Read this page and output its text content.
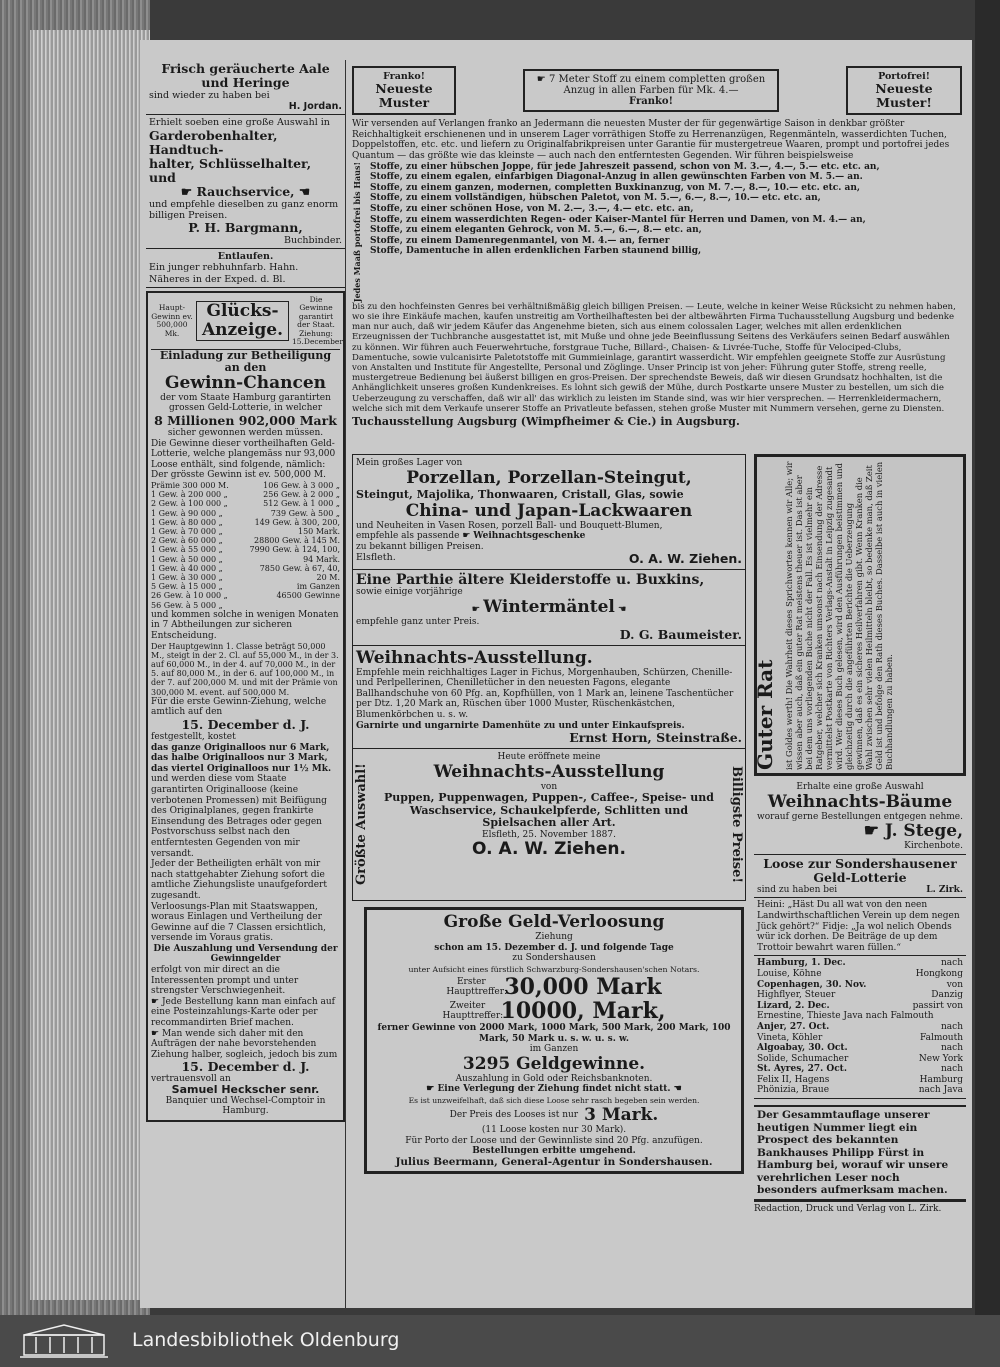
Frisch geräucherte Aale
und Heringe
sind wieder zu haben bei
H. Jordan.
Erhielt soeben eine große Auswahl in
Garderobenhalter, Handtuch-
halter, Schlüsselhalter, und
☛ Rauchservice, ☚
und empfehle dieselben zu ganz enorm
billigen Preisen.
P. H. Bargmann,
Buchbinder.
Entlaufen.
Ein junger rebhuhnfarb. Hahn. Näheres in der Exped. d. Bl.
Haupt-Gewinn ev. 500,000 Mk.
Glücks-
Anzeige.
Die Gewinne garantirt der Staat. Ziehung: 15.December
Einladung zur Betheiligung an den
Gewinn-Chancen
der vom Staate Hamburg garantirten grossen Geld-Lotterie, in welcher
8 Millionen 902,000 Mark
sicher gewonnen werden müssen.
Die Gewinne dieser vortheilhaften Geld-Lotterie, welche plangemäss nur 93,000 Loose enthält, sind folgende, nämlich:
Der grösste Gewinn ist ev. 500,000 M.
Prämie 300 000 M.	106 Gew. à 3 000 „
1 Gew. à 200 000 „	256 Gew. à 2 000 „
2 Gew. à 100 000 „	512 Gew. à 1 000 „
1 Gew. à 90 000 „	739 Gew. à 500 „
1 Gew. à 80 000 „	149 Gew. à 300, 200,
1 Gew. à 70 000 „	150 Mark.
2 Gew. à 60 000 „	28800 Gew. à 145 M.
1 Gew. à 55 000 „	7990 Gew. à 124, 100,
1 Gew. à 50 000 „	94 Mark.
1 Gew. à 40 000 „	7850 Gew. à 67, 40,
1 Gew. à 30 000 „	20 M.
5 Gew. à 15 000 „	im Ganzen
26 Gew. à 10 000 „	46500 Gewinne
56 Gew. à 5 000 „
und kommen solche in wenigen Monaten in 7 Abtheilungen zur sicheren Entscheidung.
Der Hauptgewinn 1. Classe beträgt 50,000 M., steigt in der 2. Cl. auf 55,000 M., in der 3. auf 60,000 M., in der 4. auf 70,000 M., in der 5. auf 80,000 M., in der 6. auf 100,000 M., in der 7. auf 200,000 M. und mit der Prämie von 300,000 M. event. auf 500,000 M.
Für die erste Gewinn-Ziehung, welche amtlich auf den
15. December d. J.
festgestellt, kostet
das ganze Originalloos nur 6 Mark, das halbe Originalloos nur 3 Mark, das viertel Originalloos nur 1½ Mk.
und werden diese vom Staate garantirten Originalloose (keine verbotenen Promessen) mit Beifügung des Originalplanes, gegen frankirte Einsendung des Betrages oder gegen Postvorschuss selbst nach den entferntesten Gegenden von mir versandt.
Jeder der Betheiligten erhält von mir nach stattgehabter Ziehung sofort die amtliche Ziehungsliste unaufgefordert zugesandt.
Verloosungs-Plan mit Staatswappen, woraus Einlagen und Vertheilung der Gewinne auf die 7 Classen ersichtlich, versende im Voraus gratis.
Die Auszahlung und Versendung der Gewinngelder
erfolgt von mir direct an die Interessenten prompt und unter strengster Verschwiegenheit.
☛ Jede Bestellung kann man einfach auf eine Posteinzahlungs-Karte oder per recommandirten Brief machen.
☛ Man wende sich daher mit den Aufträgen der nahe bevorstehenden Ziehung halber, sogleich, jedoch bis zum
15. December d. J.
vertrauensvoll an
Samuel Heckscher senr.
Banquier und Wechsel-Comptoir in Hamburg.
Franko!
Neueste Muster
☛ 7 Meter Stoff zu einem completten großen Anzug in allen Farben für Mk. 4.—
Franko!
Portofrei!
Neueste Muster!
Wir versenden auf Verlangen franko an Jedermann die neuesten Muster der für gegenwärtige Saison in denkbar größter Reichhaltigkeit erschienenen und in unserem Lager vorräthigen Stoffe zu Herrenanzügen, Regenmänteln, wasserdichten Tuchen, Doppelstoffen, etc. etc. und liefern zu Originalfabrikpreisen unter Garantie für mustergetreue Waaren, prompt und portofrei jedes Quantum — das größte wie das kleinste — auch nach den entferntesten Gegenden. Wir führen beispielsweise
Jedes Maaß portofrei bis Haus! Stoffe, zu einer hübschen Joppe, für jede Jahreszeit passend, schon von M. 3.—, 4.—, 5.— etc. etc. an,
Stoffe, zu einem egalen, einfarbigen Diagonal-Anzug in allen gewünschten Farben von M. 5.— an.
Stoffe, zu einem ganzen, modernen, completten Buxkinanzug, von M. 7.—, 8.—, 10.— etc. etc. an,
Stoffe, zu einem vollständigen, hübschen Paletot, von M. 5.—, 6.—, 8.—, 10.— etc. etc. an,
Stoffe, zu einer schönen Hose, von M. 2.—, 3.—, 4.— etc. etc. an,
Stoffe, zu einem wasserdichten Regen- oder Kaiser-Mantel für Herren und Damen, von M. 4.— an,
Stoffe, zu einem eleganten Gehrock, von M. 5.—, 6.—, 8.— etc. an,
Stoffe, zu einem Damenregenmantel, von M. 4.— an, ferner
Stoffe, Damentuche in allen erdenklichen Farben staunend billig,
bis zu den hochfeinsten Genres bei verhältnißmäßig gleich billigen Preisen. — Leute, welche in keiner Weise Rücksicht zu nehmen haben, wo sie ihre Einkäufe machen, kaufen unstreitig am Vortheilhaftesten bei der altbewährten Firma Tuchausstellung Augsburg und bedenke man nur auch, daß wir jedem Käufer das Angenehme bieten, sich aus einem colossalen Lager, welches mit allen erdenklichen Erzeugnissen der Tuchbranche ausgestattet ist, mit Muße und ohne jede Beeinflussung Seitens des Verkäufers seinen Bedarf auswählen zu können. Wir führen auch Feuerwehrtuche, forstgraue Tuche, Billard-, Chaisen- & Livrée-Tuche, Stoffe für Velociped-Clubs, Damentuche, sowie vulcanisirte Paletotstoffe mit Gummieinlage, garantirt wasserdicht. Wir empfehlen geeignete Stoffe zur Ausrüstung von Anstalten und Institute für Angestellte, Personal und Zöglinge. Unser Princip ist von jeher: Führung guter Stoffe, streng reelle, mustergetreue Bedienung bei äußerst billigen en gros-Preisen. Der sprechendste Beweis, daß wir diesen Grundsatz hochhalten, ist die Anhänglichkeit unseres großen Kundenkreises. Es lohnt sich gewiß der Mühe, durch Postkarte unsere Muster zu bestellen, um sich die Ueberzeugung zu verschaffen, daß wir all' das wirklich zu leisten im Stande sind, was wir hier versprechen. — Herrenkleidermachern, welche sich mit dem Verkaufe unserer Stoffe an Privatleute befassen, stehen große Muster mit Nummern versehen, gerne zu Diensten.
Tuchausstellung Augsburg (Wimpfheimer & Cie.) in Augsburg.
Mein großes Lager von
Porzellan, Porzellan-Steingut,
Steingut, Majolika, Thonwaaren, Cristall, Glas, sowie
China- und Japan-Lackwaaren
und Neuheiten in Vasen Rosen, porzell Ball- und Bouquett-Blumen,
empfehle als passende ☛ Weihnachtsgeschenke
zu bekannt billigen Preisen.
Elsfleth.	O. A. W. Ziehen.
Eine Parthie ältere Kleiderstoffe u. Buxkins,
sowie einige vorjährige
☛ Wintermäntel ☚
empfehle ganz unter Preis.
D. G. Baumeister.
Weihnachts-Ausstellung.
Empfehle mein reichhaltiges Lager in Fichus, Morgenhauben, Schürzen, Chenille- und Perlpellerinen, Chenilletücher in den neuesten Fagons, elegante Ballhandschuhe von 60 Pfg. an, Kopfhüllen, von 1 Mark an, leinene Taschentücher per Dtz. 1,20 Mark an, Rüschen über 1000 Muster, Rüschenkästchen, Blumenkörbchen u. s. w.
Garnirte und ungarnirte Damenhüte zu und unter Einkaufspreis.
Ernst Horn, Steinstraße.
Größte Auswahl!
Heute eröffnete meine
Weihnachts-Ausstellung
von
Puppen, Puppenwagen, Puppen-, Caffee-, Speise- und Waschservice, Schaukelpferde, Schlitten und Spielsachen aller Art.
Elsfleth, 25. November 1887.
O. A. W. Ziehen.	Billigste Preise!
Große Geld-Verloosung
Ziehung
schon am 15. Dezember d. J. und folgende Tage
zu Sondershausen
unter Aufsicht eines fürstlich Schwarzburg-Sondershausen'schen Notars.
Erster Haupttreffer:
30,000 Mark
Zweiter Haupttreffer:
10000, Mark,
ferner Gewinne von 2000 Mark, 1000 Mark, 500 Mark, 200 Mark, 100 Mark, 50 Mark u. s. w. u. s. w.
im Ganzen
3295 Geldgewinne.
Auszahlung in Gold oder Reichsbanknoten.
☛ Eine Verlegung der Ziehung findet nicht statt. ☚
Es ist unzweifelhaft, daß sich diese Loose sehr rasch begeben sein werden.
Der Preis des Looses ist nur 3 Mark.
(11 Loose kosten nur 30 Mark).
Für Porto der Loose und der Gewinnliste sind 20 Pfg. anzufügen.
Bestellungen erbitte umgehend.
Julius Beermann, General-Agentur in Sondershausen.
Guter Rat ist Goldes werth! Die Wahrheit dieses Sprichwortes kennen wir Alle; wir wissen aber auch, daß ein guter Rat meistens theuer ist. Das ist aber bei dem uns vorliegenden Buche nicht der Fall. Es ist vielmehr ein Ratgeber, welcher sich Kranken umsonst nach Einsendung der Adresse vermittelst Postkarte von Richters Verlags-Anstalt in Leipzig zugesandt wird. Wer dieses Buch gelesen, wird den Ausführungen beistimmen und gleichzeitig durch die angeführten Berichte die Ueberzeugung gewinnen, daß es ein sicheres Heilverfahren gibt. Wenn Kranken die Wahl zwischen sehr vielen Heilmitteln bleibt, so bedenke man, daß Zeit Geld ist und befolge den Rath dieses Buches. Dasselbe ist auch in vielen Buchhandlungen zu haben.
Erhalte eine große Auswahl
Weihnachts-Bäume
worauf gerne Bestellungen entgegen nehme.
☛ J. Stege,
Kirchenbote.
Loose zur Sondershausener
Geld-Lotterie
sind zu haben bei	L. Zirk.
Heini: „Häst Du all wat von den neen Landwirthschaftlichen Verein up dem negen Jück gehört?“ Fidje: „Ja wol nelich Obends wür ick dorhen. De Beiträge de up dem Trottoir bewahrt waren füllen.“
Hamburg, 1. Dec.	nach
Louise, Köhne	Hongkong
Copenhagen, 30. Nov.	von
Highflyer, Steuer	Danzig
Lizard, 2. Dec.	passirt von
Ernestine, Thieste Java nach Falmouth
Anjer, 27. Oct.	nach
Vineta, Köhler	Falmouth
Algoabay, 30. Oct.	nach
Solide, Schumacher	New York
St. Ayres, 27. Oct.	nach
Felix II, Hagens	Hamburg
Phönizia, Braue	nach Java
Der Gesammtauflage unserer heutigen Nummer liegt ein Prospect des bekannten Bankhauses Philipp Fürst in Hamburg bei, worauf wir unsere verehrlichen Leser noch besonders aufmerksam machen.
Redaction, Druck und Verlag von L. Zirk.
Landesbibliothek Oldenburg
